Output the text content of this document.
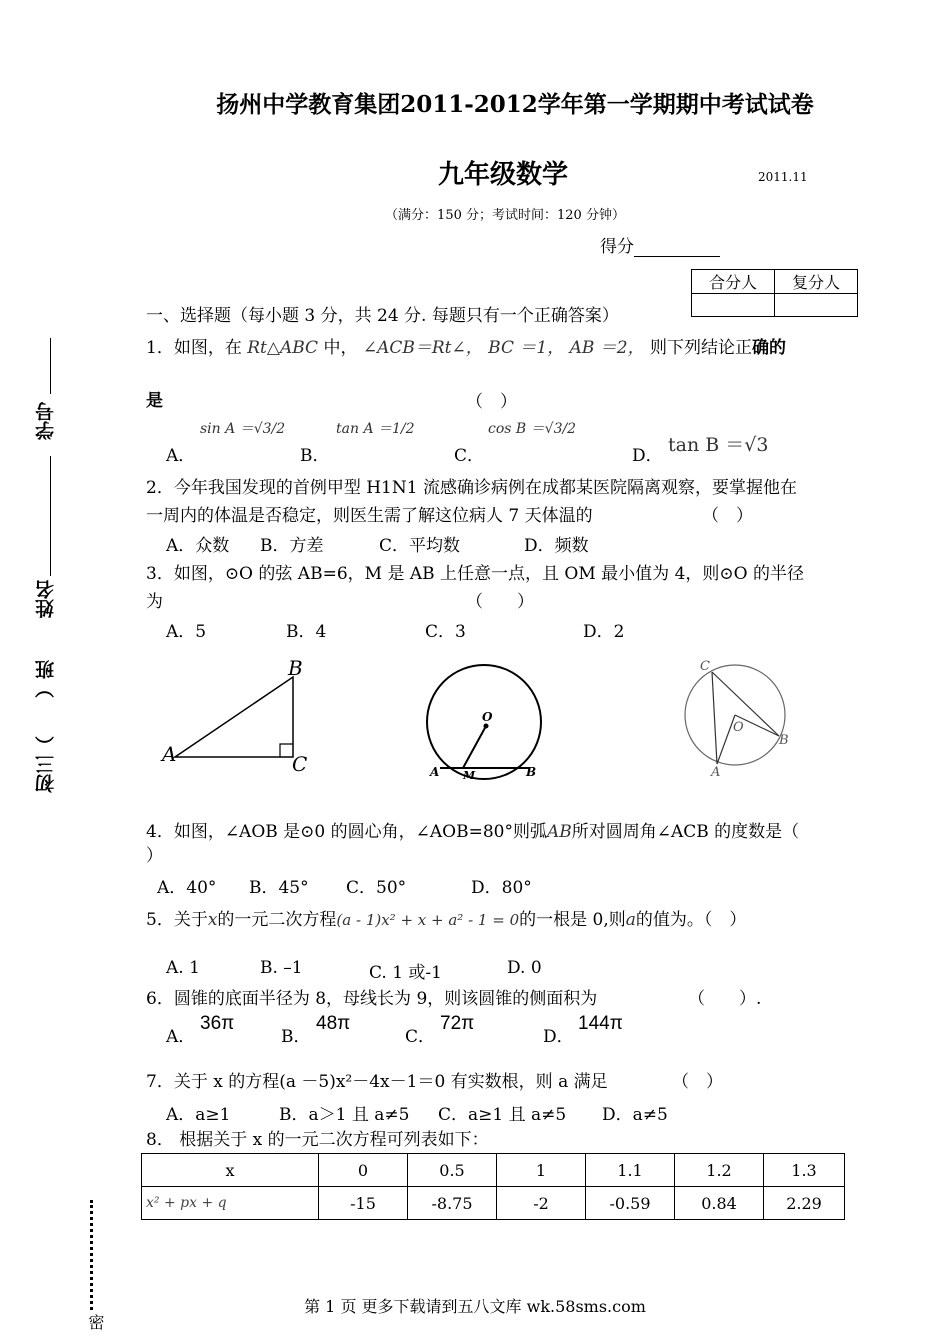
扬州中学教育集团2011-2012学年第一学期期中考试试卷
九年级数学	2011.11
（满分：150 分；考试时间：120 分钟）
得分
合分人	复分人

学号
姓名
初三（　　）班
密
一、选择题（每小题 3 分，共 24 分. 每题只有一个正确答案）
1．如图，在 Rt△ABC 中， ∠ACB＝Rt∠， BC ＝1， AB ＝2， 则下列结论正确的
是	（　）
A．
sin A ＝√3/2
B．
tan A ＝1/2
C．
cos B ＝√3/2
D． tan B ＝√3
2．今年我国发现的首例甲型 H1N1 流感确诊病例在成都某医院隔离观察，要掌握他在
一周内的体温是否稳定，则医生需了解这位病人 7 天体温的	（　）
A．众数 B．方差	C．平均数	D．频数
3．如图，⊙O 的弦 AB=6，M 是 AB 上任意一点，且 OM 最小值为 4，则⊙O 的半径
为	（　　）
A．5	B．4	C．3	D．2
A
B
C
O
A M	B
C
O
A
B
4．如图，∠AOB 是⊙0 的圆心角，∠AOB=80°则弧AB所对圆周角∠ACB 的度数是（
）
A．40° B．45° C．50°	D．80°
5．关于x的一元二次方程(a - 1)x² + x + a² - 1 = 0的一根是 0,则a的值为。（　）
A. 1	B. –1	C. 1 或-1	D. 0
6．圆锥的底面半径为 8，母线长为 9，则该圆锥的侧面积为	（　　）.
A．
36π
B．
48π
C．
72π
D．
144π
7．关于 x 的方程(a －5)x²－4x－1＝0 有实数根，则 a 满足	（　）
A．a≥1	B．a＞1 且 a≠5 C．a≥1 且 a≠5 D．a≠5
8． 根据关于 x 的一元二次方程可列表如下：
x	0	0.5	1	1.1	1.2	1.3
x² + px + q	-15	-8.75	-2	-0.59	0.84	2.29
第 1 页 更多下载请到五八文库 wk.58sms.com
